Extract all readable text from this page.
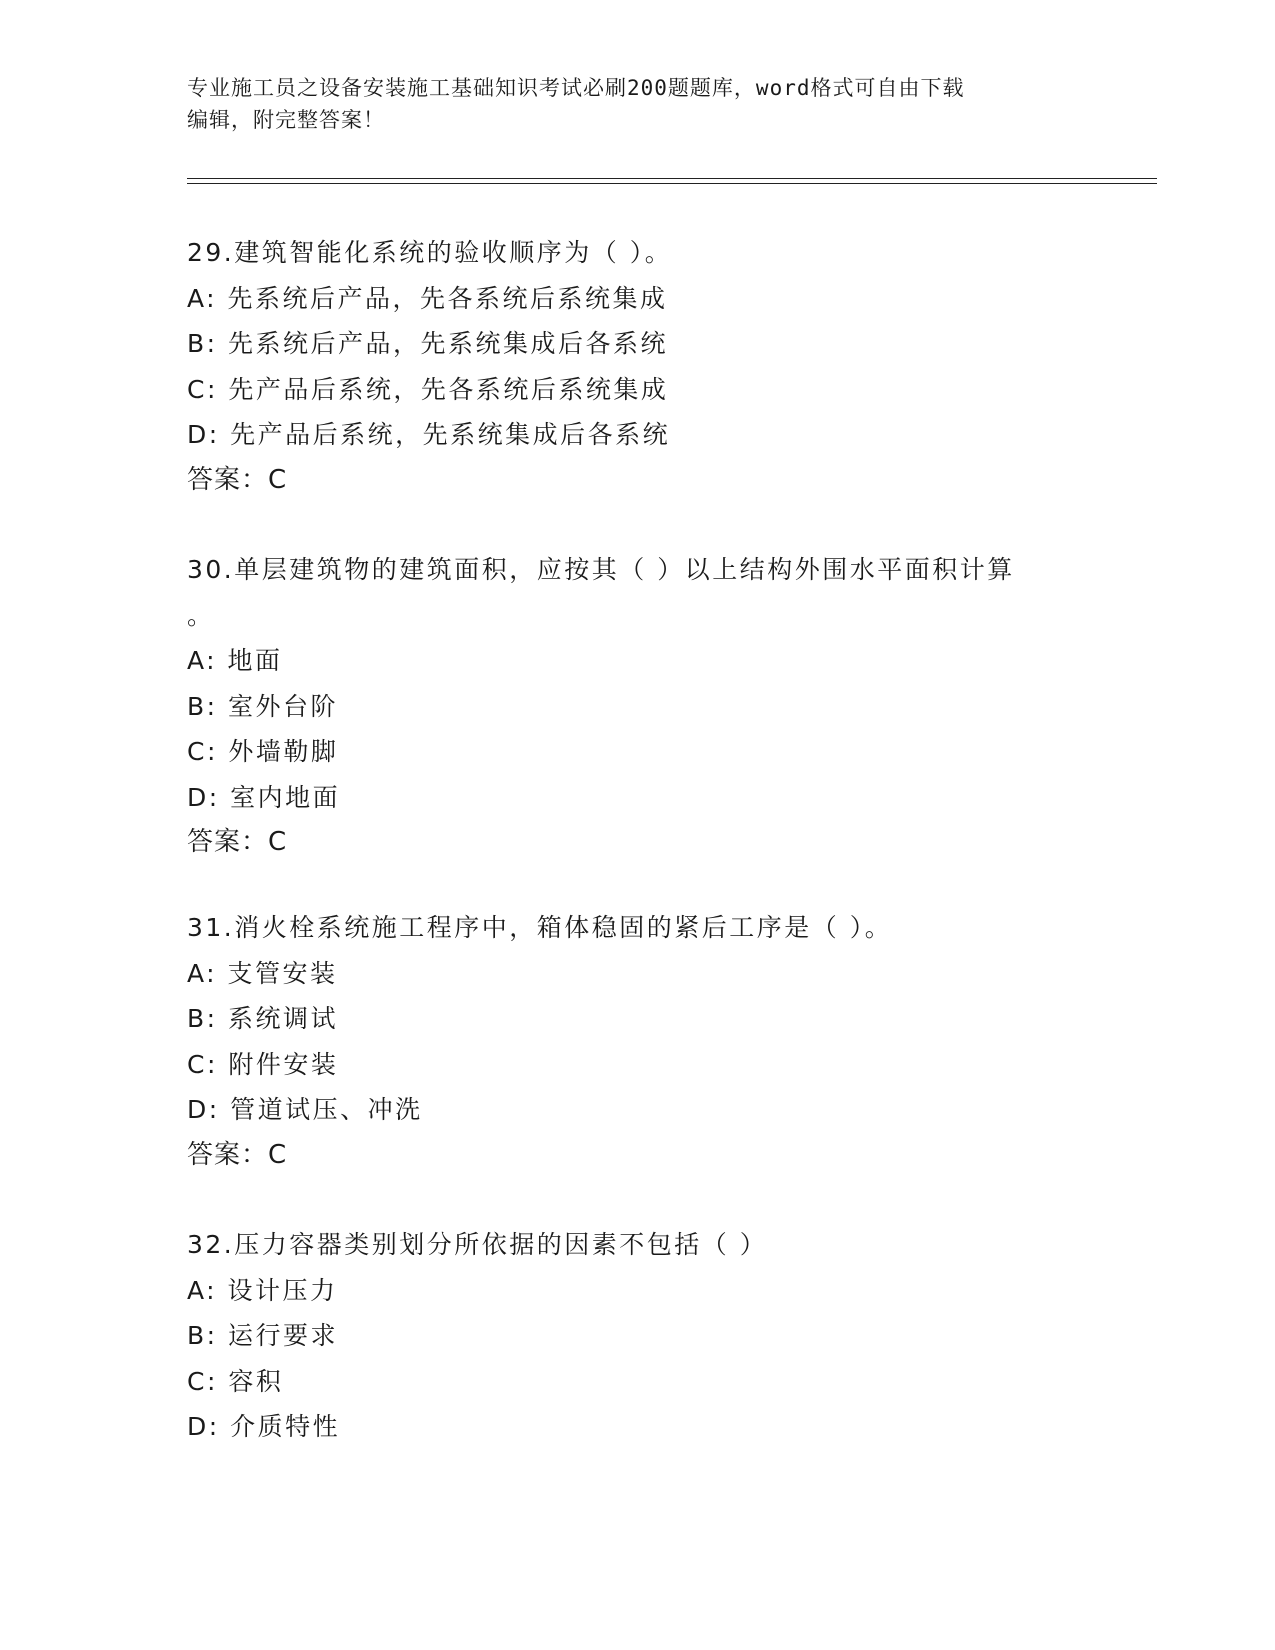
专业施工员之设备安装施工基础知识考试必刷200题题库，word格式可自由下载
编辑，附完整答案！
29.建筑智能化系统的验收顺序为（ ）。
A: 先系统后产品，先各系统后系统集成
B: 先系统后产品，先系统集成后各系统
C: 先产品后系统，先各系统后系统集成
D: 先产品后系统，先系统集成后各系统
答案：C
30.单层建筑物的建筑面积，应按其（ ）以上结构外围水平面积计算
。
A: 地面
B: 室外台阶
C: 外墙勒脚
D: 室内地面
答案：C
31.消火栓系统施工程序中，箱体稳固的紧后工序是（ ）。
A: 支管安装
B: 系统调试
C: 附件安装
D: 管道试压、冲洗
答案：C
32.压力容器类别划分所依据的因素不包括（ ）
A: 设计压力
B: 运行要求
C: 容积
D: 介质特性
